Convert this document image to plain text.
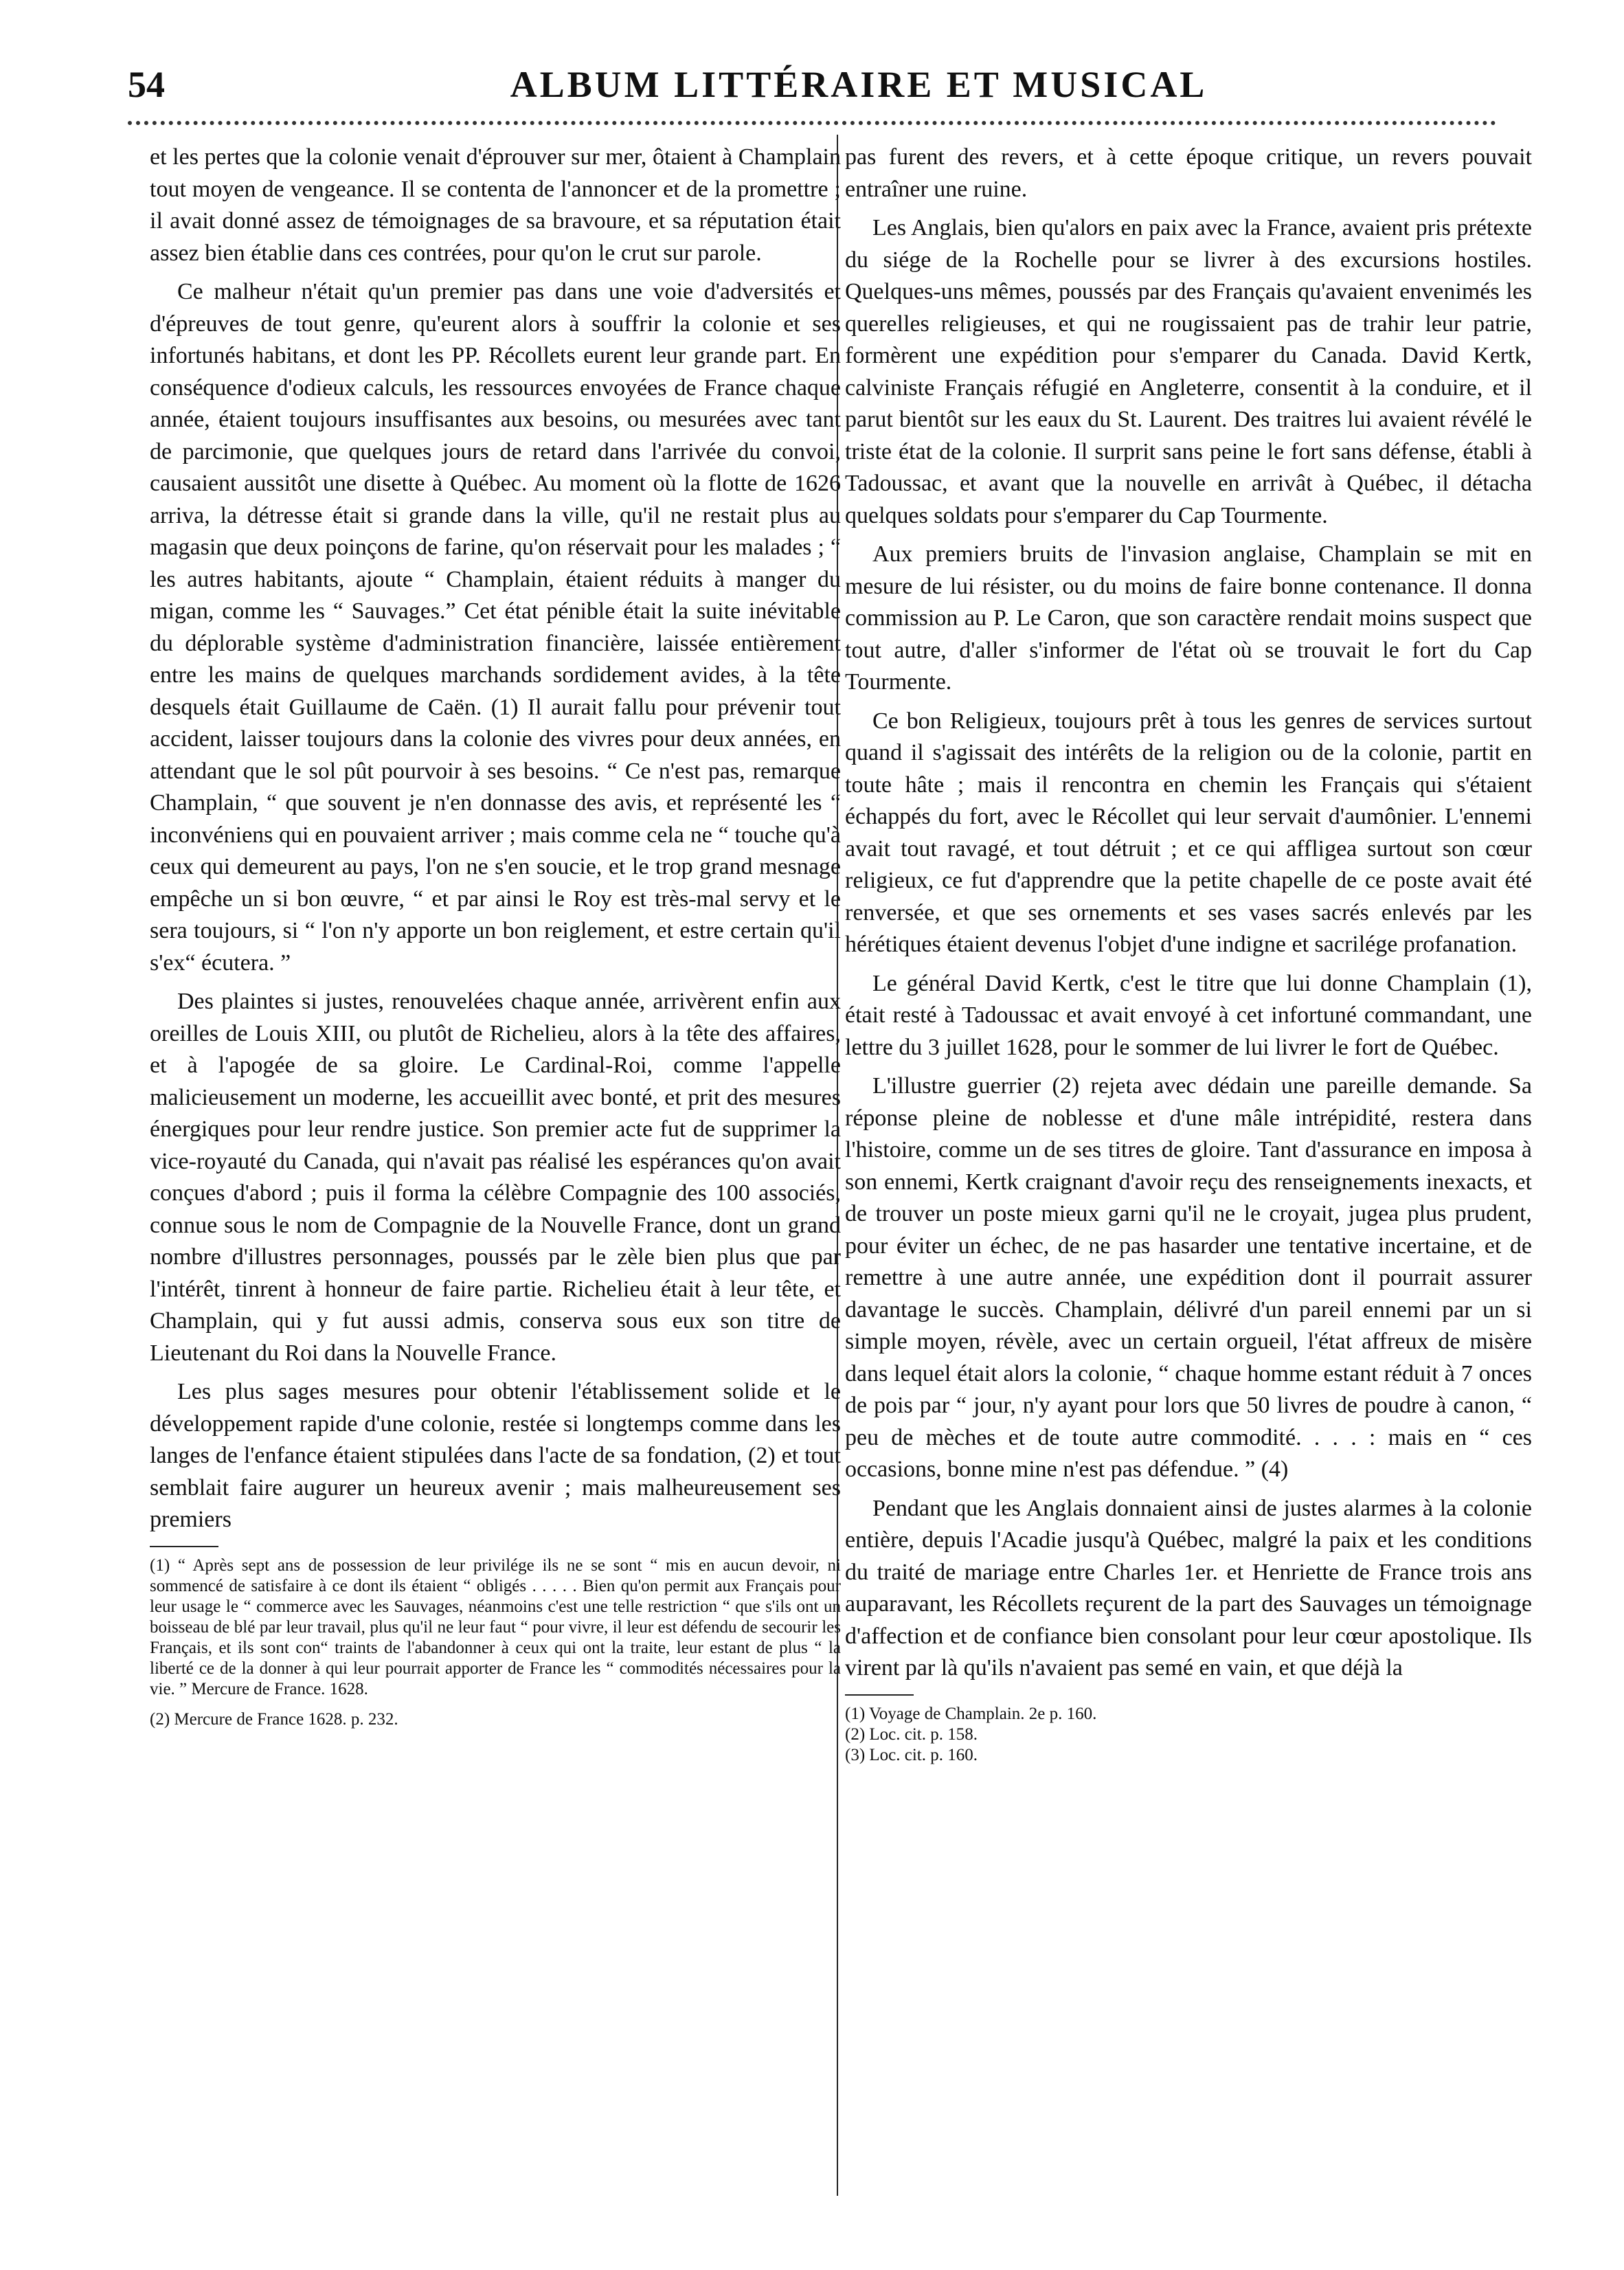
54	ALBUM LITTÉRAIRE ET MUSICAL

et les pertes que la colonie venait d'éprouver sur mer, ôtaient à Champlain tout moyen de vengeance. Il se contenta de l'annoncer et de la promettre ; il avait donné assez de témoignages de sa bravoure, et sa réputation était assez bien établie dans ces contrées, pour qu'on le crut sur parole.

Ce malheur n'était qu'un premier pas dans une voie d'adversités et d'épreuves de tout genre, qu'eurent alors à souffrir la colonie et ses infortunés habitans, et dont les PP. Récollets eurent leur grande part. En conséquence d'odieux calculs, les ressources envoyées de France chaque année, étaient toujours insuffisantes aux besoins, ou mesurées avec tant de parcimonie, que quelques jours de retard dans l'arrivée du convoi, causaient aussitôt une disette à Québec. Au moment où la flotte de 1626 arriva, la détresse était si grande dans la ville, qu'il ne restait plus au magasin que deux poinçons de farine, qu'on réservait pour les malades ; “ les autres habitants, ajoute “ Champlain, étaient réduits à manger du migan, comme les “ Sauvages.” Cet état pénible était la suite inévitable du déplorable système d'administration financière, laissée entièrement entre les mains de quelques marchands sordidement avides, à la tête desquels était Guillaume de Caën. (1) Il aurait fallu pour prévenir tout accident, laisser toujours dans la colonie des vivres pour deux années, en attendant que le sol pût pourvoir à ses besoins. “ Ce n'est pas, remarque Champlain, “ que souvent je n'en donnasse des avis, et représenté les “ inconvéniens qui en pouvaient arriver ; mais comme cela ne “ touche qu'à ceux qui demeurent au pays, l'on ne s'en soucie, et le trop grand mesnage empêche un si bon œuvre, “ et par ainsi le Roy est très-mal servy et le sera toujours, si “ l'on n'y apporte un bon reiglement, et estre certain qu'il s'ex“ écutera. ”

Des plaintes si justes, renouvelées chaque année, arrivèrent enfin aux oreilles de Louis XIII, ou plutôt de Richelieu, alors à la tête des affaires, et à l'apogée de sa gloire. Le Cardinal-Roi, comme l'appelle malicieusement un moderne, les accueillit avec bonté, et prit des mesures énergiques pour leur rendre justice. Son premier acte fut de supprimer la vice-royauté du Canada, qui n'avait pas réalisé les espérances qu'on avait conçues d'abord ; puis il forma la célèbre Compagnie des 100 associés, connue sous le nom de Compagnie de la Nouvelle France, dont un grand nombre d'illustres personnages, poussés par le zèle bien plus que par l'intérêt, tinrent à honneur de faire partie. Richelieu était à leur tête, et Champlain, qui y fut aussi admis, conserva sous eux son titre de Lieutenant du Roi dans la Nouvelle France.

Les plus sages mesures pour obtenir l'établissement solide et le développement rapide d'une colonie, restée si longtemps comme dans les langes de l'enfance étaient stipulées dans l'acte de sa fondation, (2) et tout semblait faire augurer un heureux avenir ; mais malheureusement ses premiers

(1) “ Après sept ans de possession de leur privilége ils ne se sont “ mis en aucun devoir, ni sommencé de satisfaire à ce dont ils étaient “ obligés . . . . . Bien qu'on permit aux Français pour leur usage le “ commerce avec les Sauvages, néanmoins c'est une telle restriction “ que s'ils ont un boisseau de blé par leur travail, plus qu'il ne leur faut “ pour vivre, il leur est défendu de secourir les Français, et ils sont con“ traints de l'abandonner à ceux qui ont la traite, leur estant de plus “ la liberté ce de la donner à qui leur pourrait apporter de France les “ commodités nécessaires pour la vie. ” Mercure de France. 1628.

(2) Mercure de France 1628. p. 232.

pas furent des revers, et à cette époque critique, un revers pouvait entraîner une ruine.

Les Anglais, bien qu'alors en paix avec la France, avaient pris prétexte du siége de la Rochelle pour se livrer à des excursions hostiles. Quelques-uns mêmes, poussés par des Français qu'avaient envenimés les querelles religieuses, et qui ne rougissaient pas de trahir leur patrie, formèrent une expédition pour s'emparer du Canada. David Kertk, calviniste Français réfugié en Angleterre, consentit à la conduire, et il parut bientôt sur les eaux du St. Laurent. Des traitres lui avaient révélé le triste état de la colonie. Il surprit sans peine le fort sans défense, établi à Tadoussac, et avant que la nouvelle en arrivât à Québec, il détacha quelques soldats pour s'emparer du Cap Tourmente.

Aux premiers bruits de l'invasion anglaise, Champlain se mit en mesure de lui résister, ou du moins de faire bonne contenance. Il donna commission au P. Le Caron, que son caractère rendait moins suspect que tout autre, d'aller s'informer de l'état où se trouvait le fort du Cap Tourmente.

Ce bon Religieux, toujours prêt à tous les genres de services surtout quand il s'agissait des intérêts de la religion ou de la colonie, partit en toute hâte ; mais il rencontra en chemin les Français qui s'étaient échappés du fort, avec le Récollet qui leur servait d'aumônier. L'ennemi avait tout ravagé, et tout détruit ; et ce qui affligea surtout son cœur religieux, ce fut d'apprendre que la petite chapelle de ce poste avait été renversée, et que ses ornements et ses vases sacrés enlevés par les hérétiques étaient devenus l'objet d'une indigne et sacrilége profanation.

Le général David Kertk, c'est le titre que lui donne Champlain (1), était resté à Tadoussac et avait envoyé à cet infortuné commandant, une lettre du 3 juillet 1628, pour le sommer de lui livrer le fort de Québec.

L'illustre guerrier (2) rejeta avec dédain une pareille demande. Sa réponse pleine de noblesse et d'une mâle intrépidité, restera dans l'histoire, comme un de ses titres de gloire. Tant d'assurance en imposa à son ennemi, Kertk craignant d'avoir reçu des renseignements inexacts, et de trouver un poste mieux garni qu'il ne le croyait, jugea plus prudent, pour éviter un échec, de ne pas hasarder une tentative incertaine, et de remettre à une autre année, une expédition dont il pourrait assurer davantage le succès. Champlain, délivré d'un pareil ennemi par un si simple moyen, révèle, avec un certain orgueil, l'état affreux de misère dans lequel était alors la colonie, “ chaque homme estant réduit à 7 onces de pois par “ jour, n'y ayant pour lors que 50 livres de poudre à canon, “ peu de mèches et de toute autre commodité. . . . : mais en “ ces occasions, bonne mine n'est pas défendue. ” (4)

Pendant que les Anglais donnaient ainsi de justes alarmes à la colonie entière, depuis l'Acadie jusqu'à Québec, malgré la paix et les conditions du traité de mariage entre Charles 1er. et Henriette de France trois ans auparavant, les Récollets reçurent de la part des Sauvages un témoignage d'affection et de confiance bien consolant pour leur cœur apostolique. Ils virent par là qu'ils n'avaient pas semé en vain, et que déjà la

(1) Voyage de Champlain. 2e p. 160.

(2) Loc. cit. p. 158.

(3) Loc. cit. p. 160.
